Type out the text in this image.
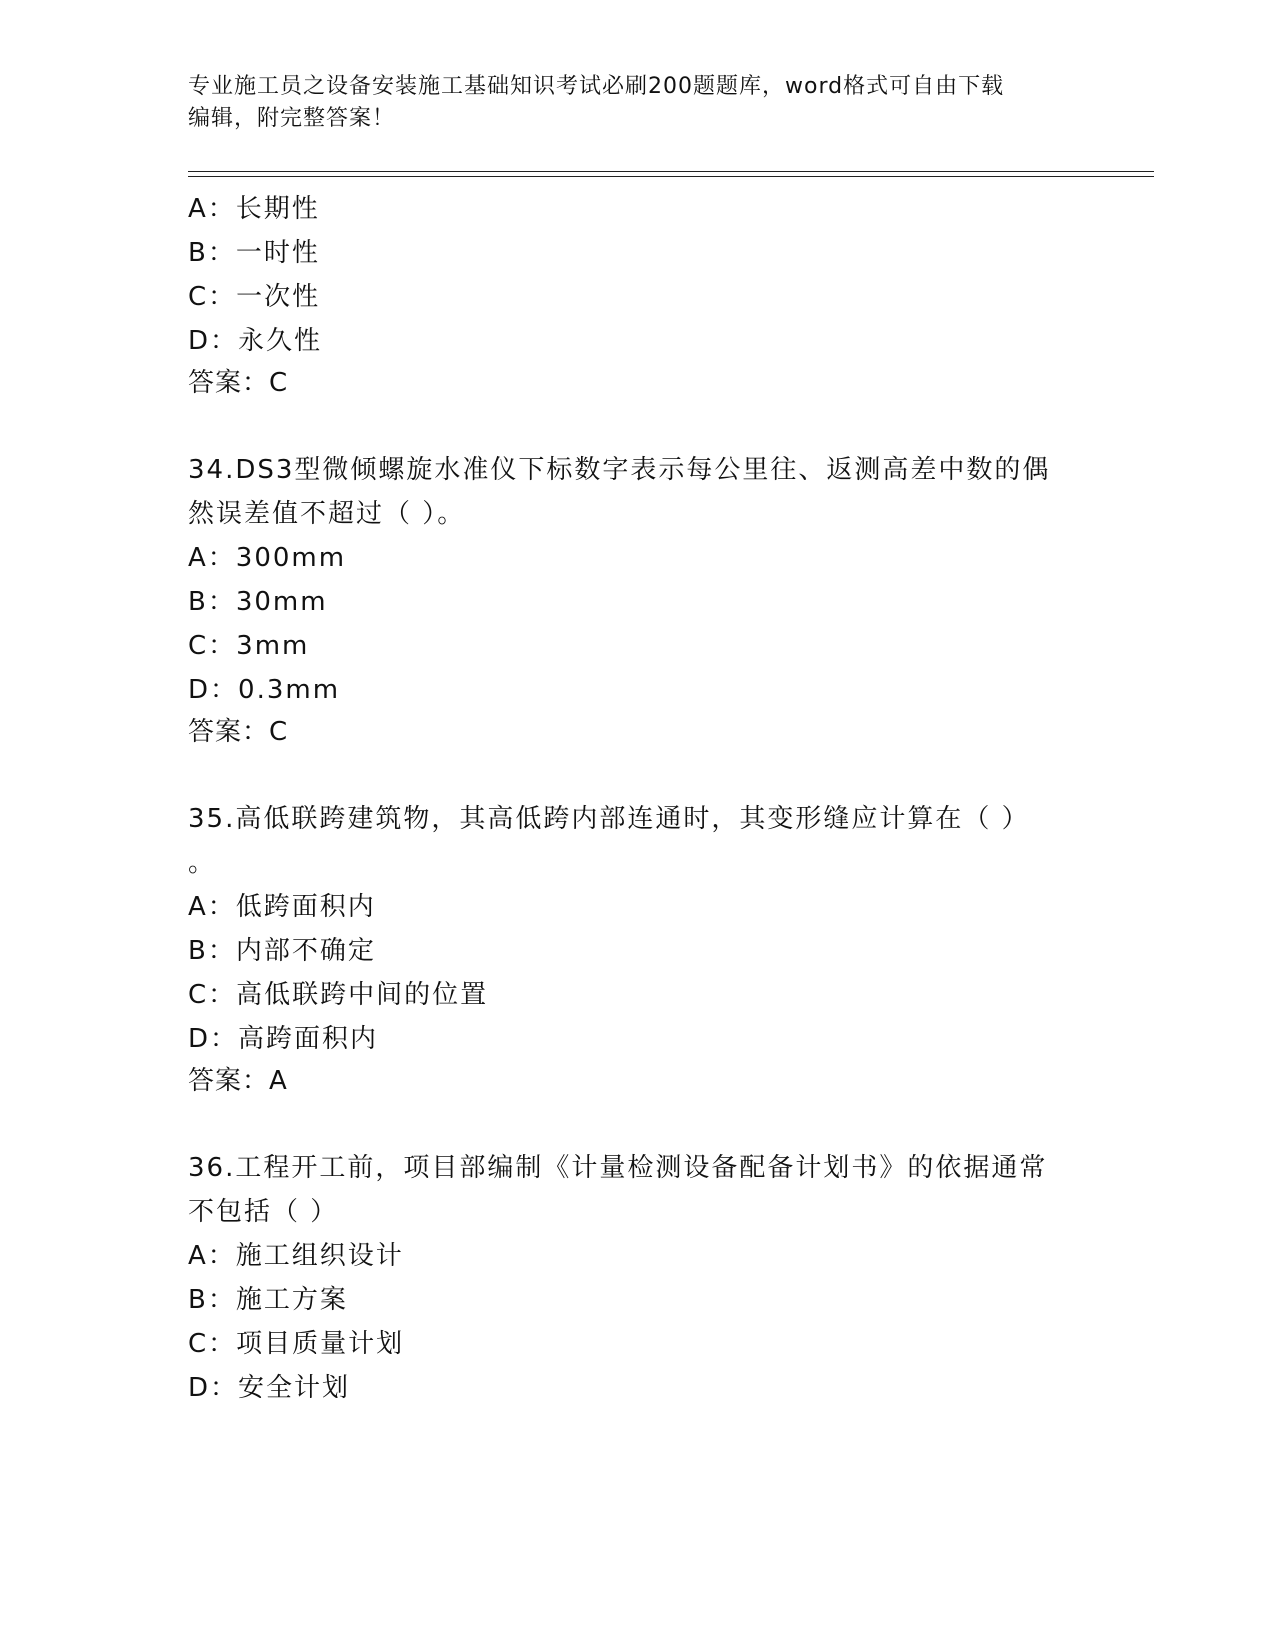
专业施工员之设备安装施工基础知识考试必刷200题题库，word格式可自由下载
编辑，附完整答案！
A：长期性
B：一时性
C：一次性
D：永久性
答案：C
34.DS3型微倾螺旋水准仪下标数字表示每公里往、返测高差中数的偶
然误差值不超过（ ）。
A：300mm
B：30mm
C：3mm
D：0.3mm
答案：C
35.高低联跨建筑物，其高低跨内部连通时，其变形缝应计算在（ ）
。
A：低跨面积内
B：内部不确定
C：高低联跨中间的位置
D：高跨面积内
答案：A
36.工程开工前，项目部编制《计量检测设备配备计划书》的依据通常
不包括（ ）
A：施工组织设计
B：施工方案
C：项目质量计划
D：安全计划
